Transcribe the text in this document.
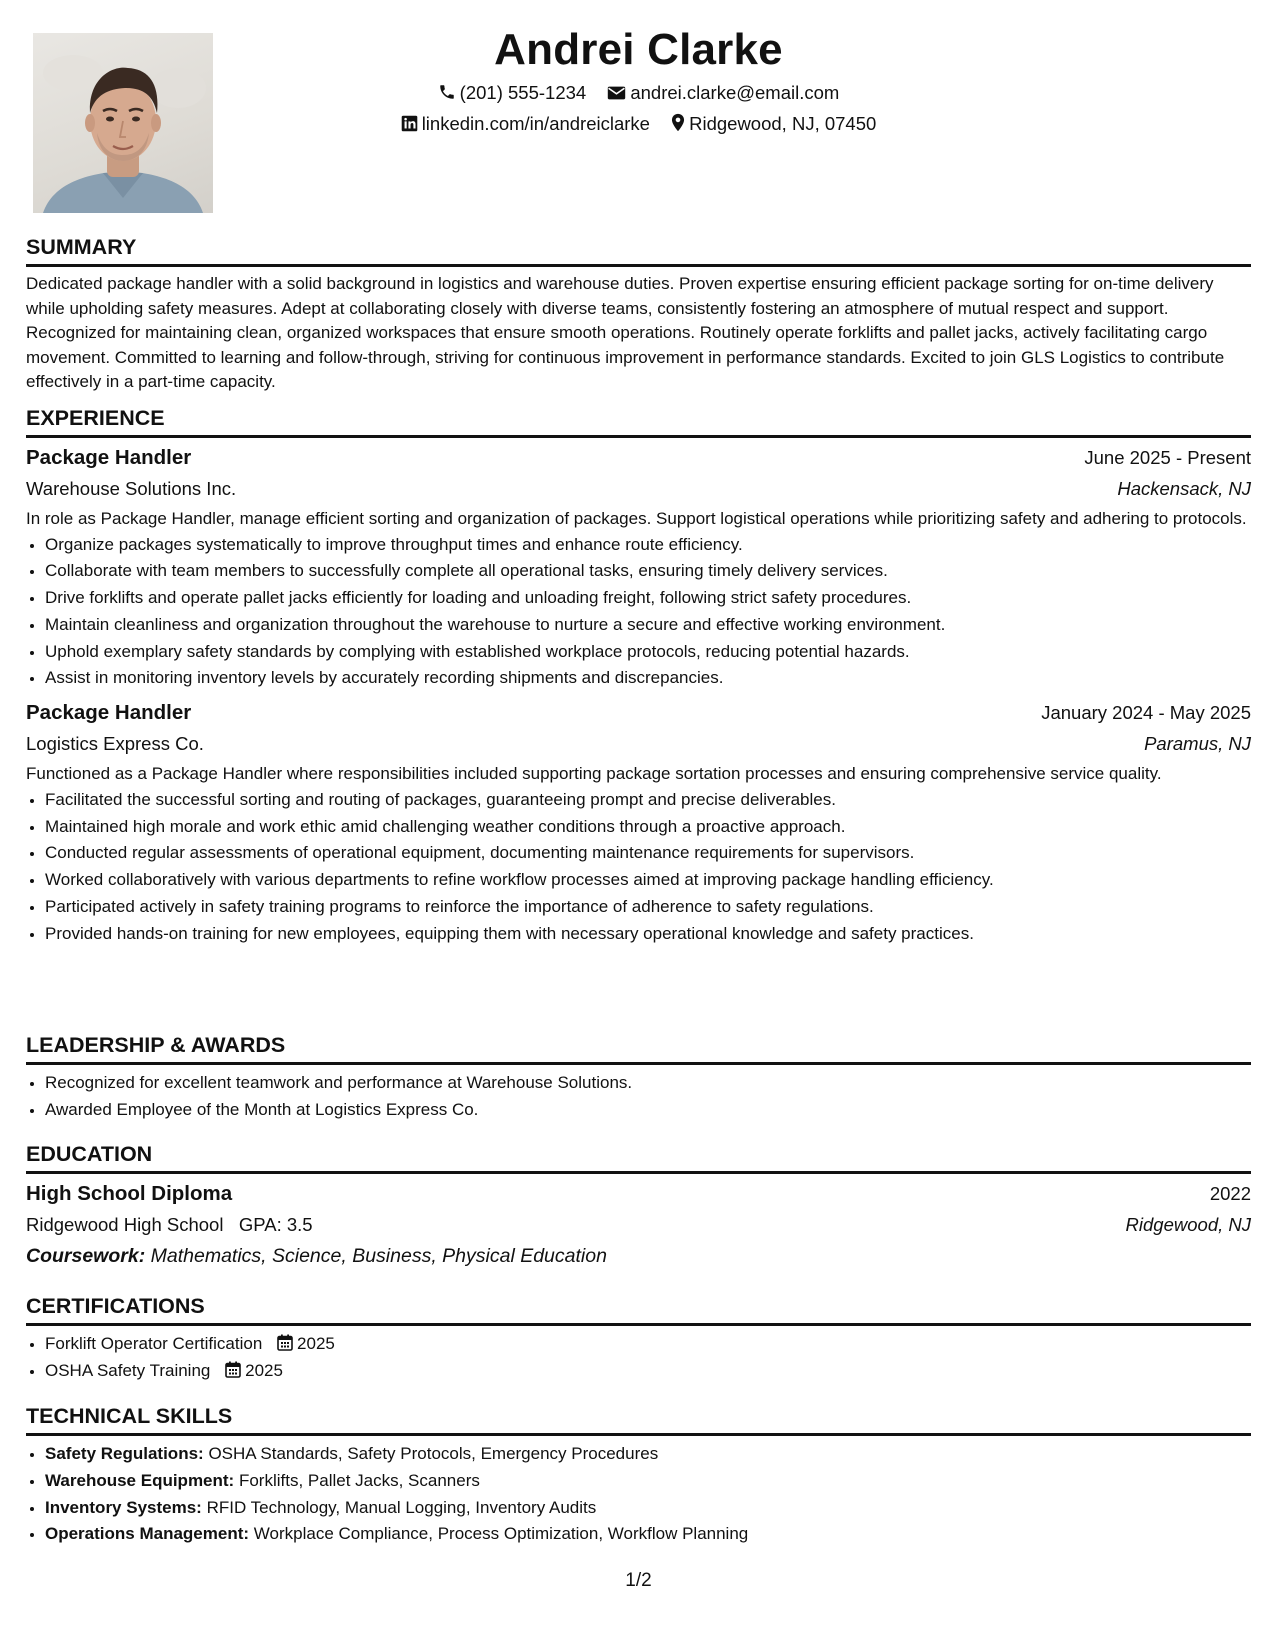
Andrei Clarke
(201) 555-1234 andrei.clarke@email.com
linkedin.com/in/andreiclarke Ridgewood, NJ, 07450
SUMMARY

Dedicated package handler with a solid background in logistics and warehouse duties. Proven expertise ensuring efficient package sorting for on-time delivery while upholding safety measures. Adept at collaborating closely with diverse teams, consistently fostering an atmosphere of mutual respect and support. Recognized for maintaining clean, organized workspaces that ensure smooth operations. Routinely operate forklifts and pallet jacks, actively facilitating cargo movement. Committed to learning and follow-through, striving for continuous improvement in performance standards. Excited to join GLS Logistics to contribute effectively in a part-time capacity.

EXPERIENCE
Package Handler	June 2025 - Present
Warehouse Solutions Inc.	Hackensack, NJ

In role as Package Handler, manage efficient sorting and organization of packages. Support logistical operations while prioritizing safety and adhering to protocols.

• Organize packages systematically to improve throughput times and enhance route efficiency.
• Collaborate with team members to successfully complete all operational tasks, ensuring timely delivery services.
• Drive forklifts and operate pallet jacks efficiently for loading and unloading freight, following strict safety procedures.
• Maintain cleanliness and organization throughout the warehouse to nurture a secure and effective working environment.
• Uphold exemplary safety standards by complying with established workplace protocols, reducing potential hazards.
• Assist in monitoring inventory levels by accurately recording shipments and discrepancies.
Package Handler	January 2024 - May 2025
Logistics Express Co.	Paramus, NJ

Functioned as a Package Handler where responsibilities included supporting package sortation processes and ensuring comprehensive service quality.

• Facilitated the successful sorting and routing of packages, guaranteeing prompt and precise deliverables.
• Maintained high morale and work ethic amid challenging weather conditions through a proactive approach.
• Conducted regular assessments of operational equipment, documenting maintenance requirements for supervisors.
• Worked collaboratively with various departments to refine workflow processes aimed at improving package handling efficiency.
• Participated actively in safety training programs to reinforce the importance of adherence to safety regulations.
• Provided hands-on training for new employees, equipping them with necessary operational knowledge and safety practices.
LEADERSHIP & AWARDS
• Recognized for excellent teamwork and performance at Warehouse Solutions.
• Awarded Employee of the Month at Logistics Express Co.
EDUCATION
High School Diploma	2022
Ridgewood High School GPA: 3.5	Ridgewood, NJ
Coursework: Mathematics, Science, Business, Physical Education
CERTIFICATIONS
• Forklift Operator Certification 2025
• OSHA Safety Training 2025
TECHNICAL SKILLS
• Safety Regulations: OSHA Standards, Safety Protocols, Emergency Procedures
• Warehouse Equipment: Forklifts, Pallet Jacks, Scanners
• Inventory Systems: RFID Technology, Manual Logging, Inventory Audits
• Operations Management: Workplace Compliance, Process Optimization, Workflow Planning
1/2
